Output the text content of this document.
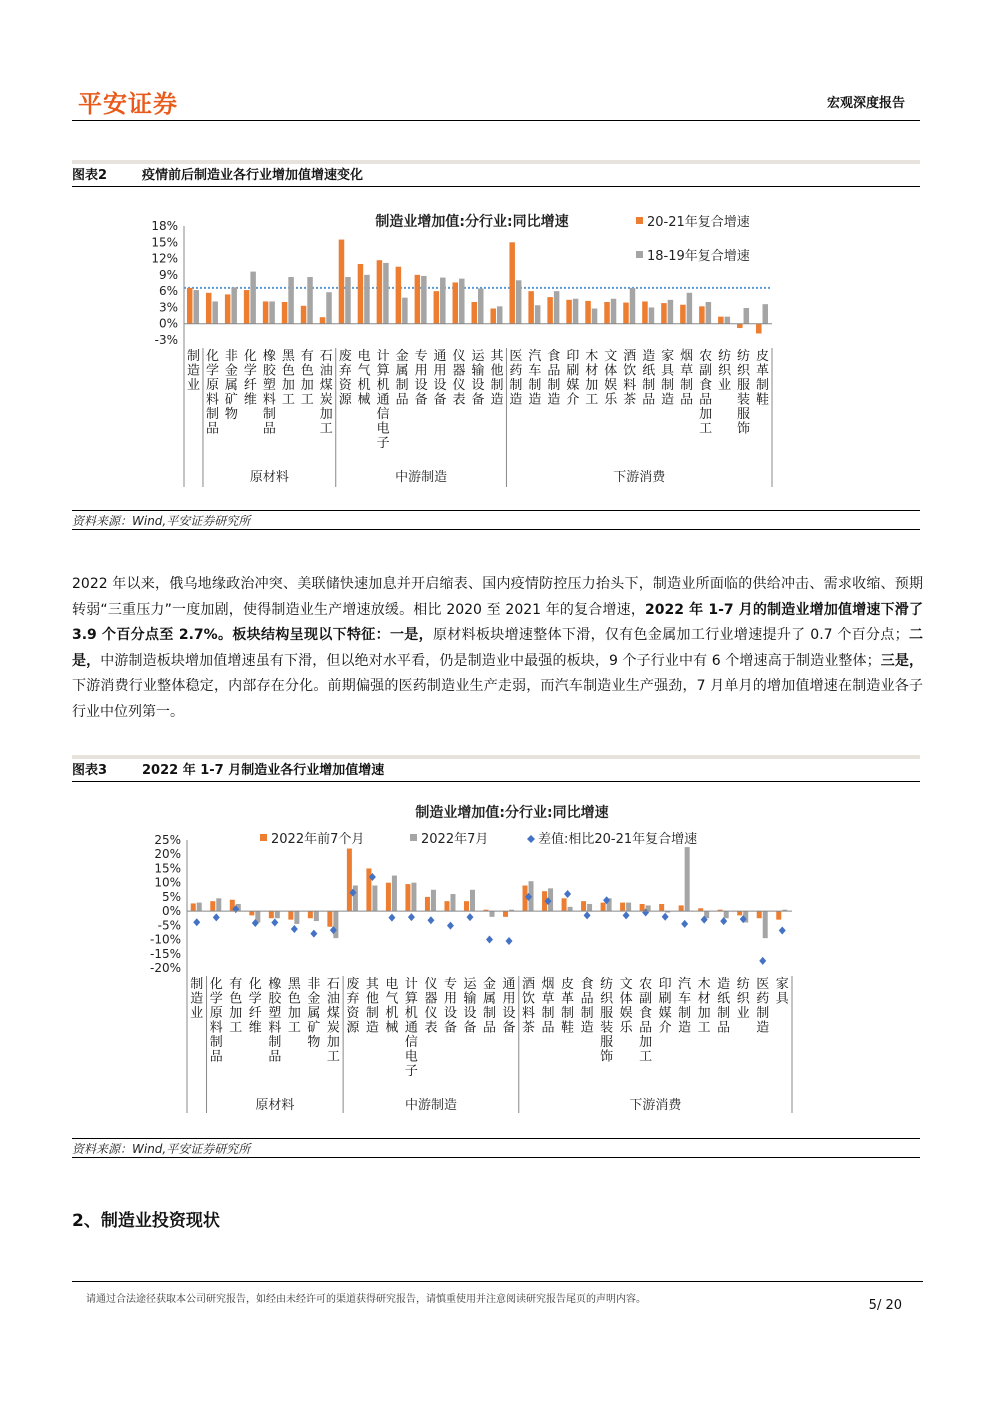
平安证券	宏观深度报告
图表2	疫情前后制造业各行业增加值增速变化
制造业增加值:分行业:同比增速
18%
15%
12%
9%
6%
3%
0%
-3%
制
造
业
化
学
原
料
制
品
非
金
属
矿
物
化
学
纤
维
橡
胶
塑
料
制
品
黑
色
加
工
有
色
加
工
石
油
煤
炭
加
工
废
弃
资
源
电
气
机
械
计
算
机
通
信
电
子
金
属
制
品
专
用
设
备
通
用
设
备
仪
器
仪
表
运
输
设
备
其
他
制
造
医
药
制
造
汽
车
制
造
食
品
制
造
印
刷
媒
介
木
材
加
工
文
体
娱
乐
酒
饮
料
茶
造
纸
制
品
家
具
制
造
烟
草
制
品
农
副
食
品
加
工
纺
织
业
纺
织
服
装
服
饰
皮
革
制
鞋
原材料	中游制造	下游消费
20-21年复合增速
18-19年复合增速
资料来源：Wind,平安证券研究所
2022 年以来，俄乌地缘政治冲突、美联储快速加息并开启缩表、国内疫情防控压力抬头下，制造业所面临的供给冲击、需求收缩、预期转弱“三重压力”一度加剧，使得制造业生产增速放缓。相比 2020 至 2021 年的复合增速，2022 年 1-7 月的制造业增加值增速下滑了 3.9 个百分点至 2.7%。板块结构呈现以下特征：一是，原材料板块增速整体下滑，仅有色金属加工行业增速提升了 0.7 个百分点；二是，中游制造板块增加值增速虽有下滑，但以绝对水平看，仍是制造业中最强的板块，9 个子行业中有 6 个增速高于制造业整体；三是，下游消费行业整体稳定，内部存在分化。前期偏强的医药制造业生产走弱，而汽车制造业生产强劲，7 月单月的增加值增速在制造业各子行业中位列第一。
图表3	2022 年 1-7 月制造业各行业增加值增速
制造业增加值:分行业:同比增速
25%
20%
15%
10%
5%
0%
-5%
-10%
-15%
-20%
制
造
业
化
学
原
料
制
品
有
色
加
工
化
学
纤
维
橡
胶
塑
料
制
品
黑
色
加
工
非
金
属
矿
物
石
油
煤
炭
加
工
废
弃
资
源
其
他
制
造
电
气
机
械
计
算
机
通
信
电
子
仪
器
仪
表
专
用
设
备
运
输
设
备
金
属
制
品
通
用
设
备
酒
饮
料
茶
烟
草
制
品
皮
革
制
鞋
食
品
制
造
纺
织
服
装
服
饰
文
体
娱
乐
农
副
食
品
加
工
印
刷
媒
介
汽
车
制
造
木
材
加
工
造
纸
制
品
纺
织
业
医
药
制
造
家
具
原材料	中游制造	下游消费
2022年前7个月	2022年7月	差值:相比20-21年复合增速
资料来源：Wind,平安证券研究所
2、制造业投资现状
请通过合法途径获取本公司研究报告，如经由未经许可的渠道获得研究报告，请慎重使用并注意阅读研究报告尾页的声明内容。	5/ 20
